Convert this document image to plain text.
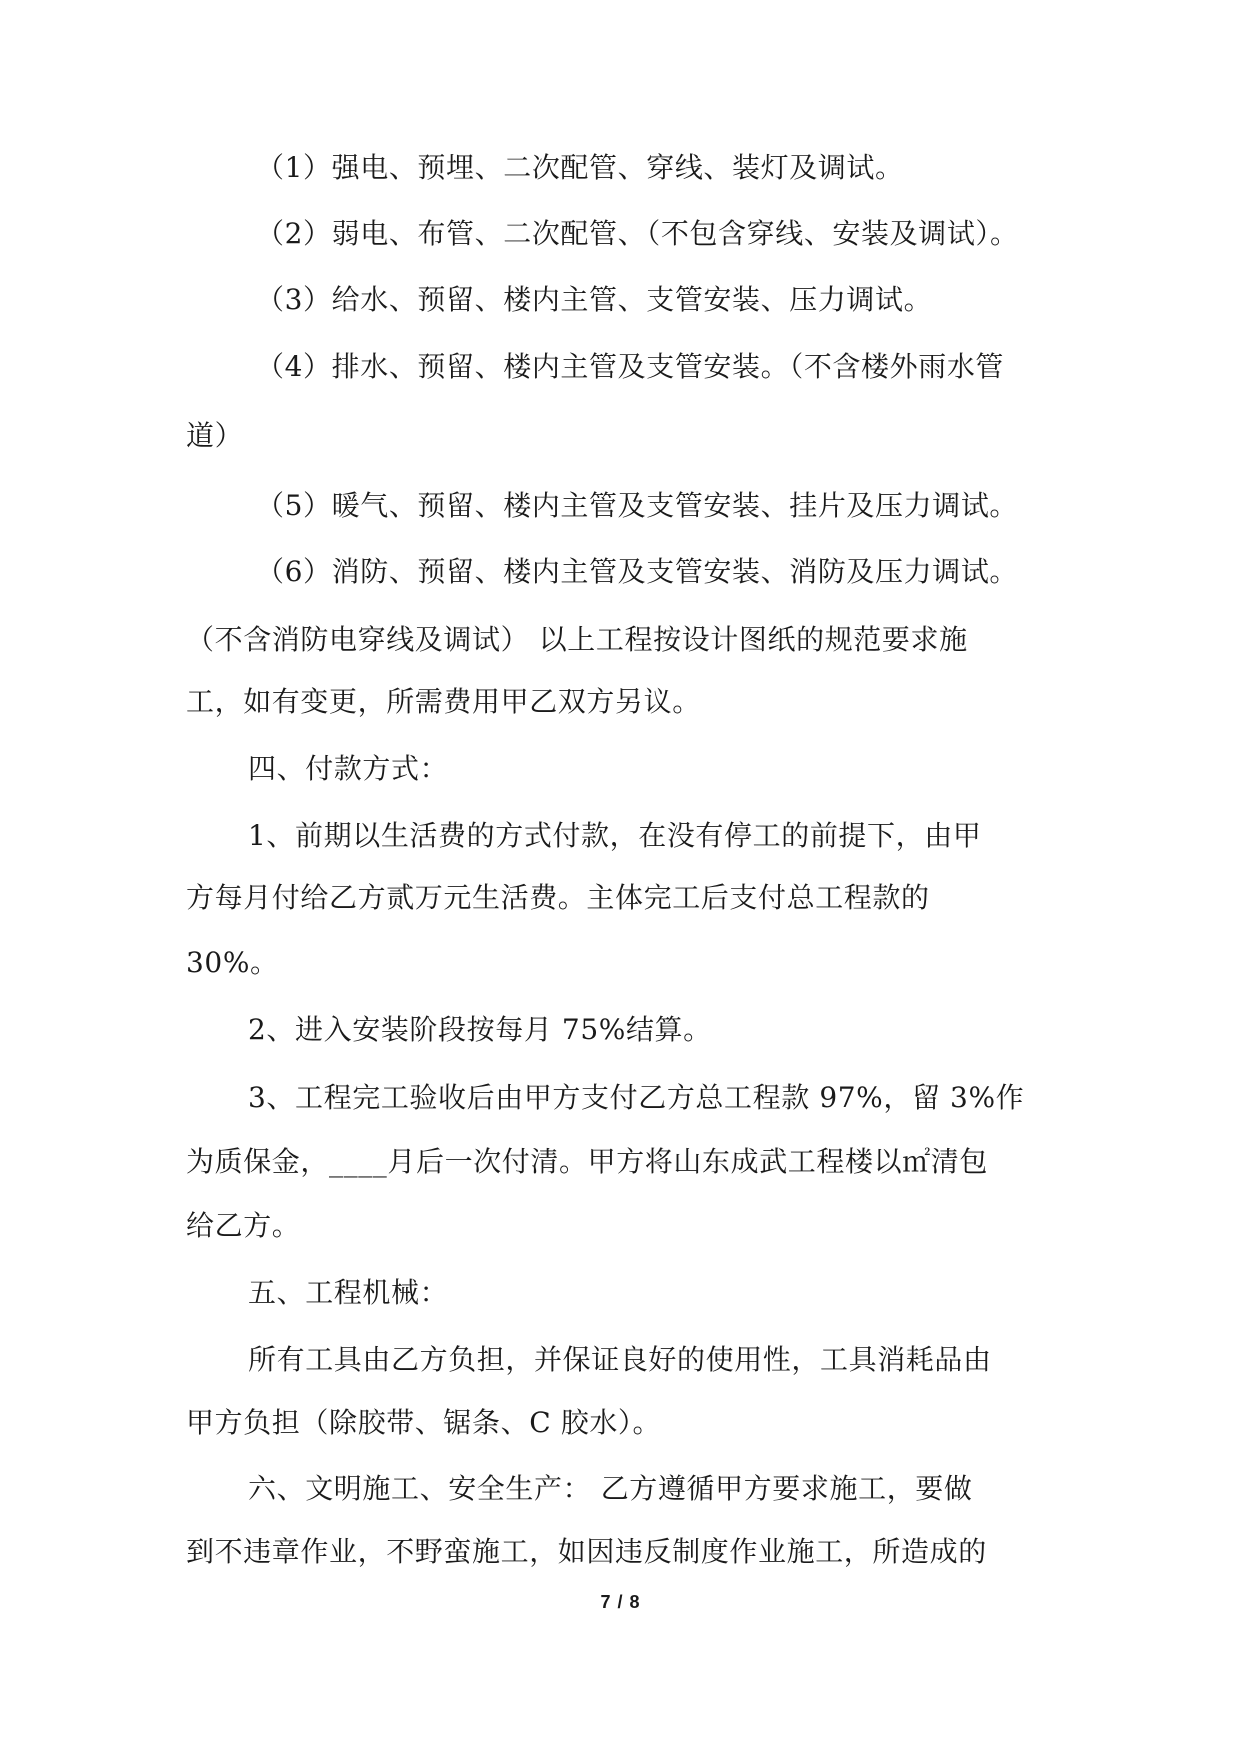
（1）强电、预埋、二次配管、穿线、装灯及调试。
（2）弱电、布管、二次配管、（不包含穿线、安装及调试）。
（3）给水、预留、楼内主管、支管安装、压力调试。
（4）排水、预留、楼内主管及支管安装。（不含楼外雨水管
道）
（5）暖气、预留、楼内主管及支管安装、挂片及压力调试。
（6）消防、预留、楼内主管及支管安装、消防及压力调试。
（不含消防电穿线及调试） 以上工程按设计图纸的规范要求施
工，如有变更，所需费用甲乙双方另议。
四、付款方式：
1、前期以生活费的方式付款，在没有停工的前提下，由甲
方每月付给乙方贰万元生活费。主体完工后支付总工程款的
30%。
2、进入安装阶段按每月 75%结算。
3、工程完工验收后由甲方支付乙方总工程款 97%，留 3%作
为质保金，____月后一次付清。甲方将山东成武工程楼以㎡清包
给乙方。
五、工程机械：
所有工具由乙方负担，并保证良好的使用性，工具消耗品由
甲方负担（除胶带、锯条、C 胶水）。
六、文明施工、安全生产： 乙方遵循甲方要求施工，要做
到不违章作业，不野蛮施工，如因违反制度作业施工，所造成的
7 / 8
